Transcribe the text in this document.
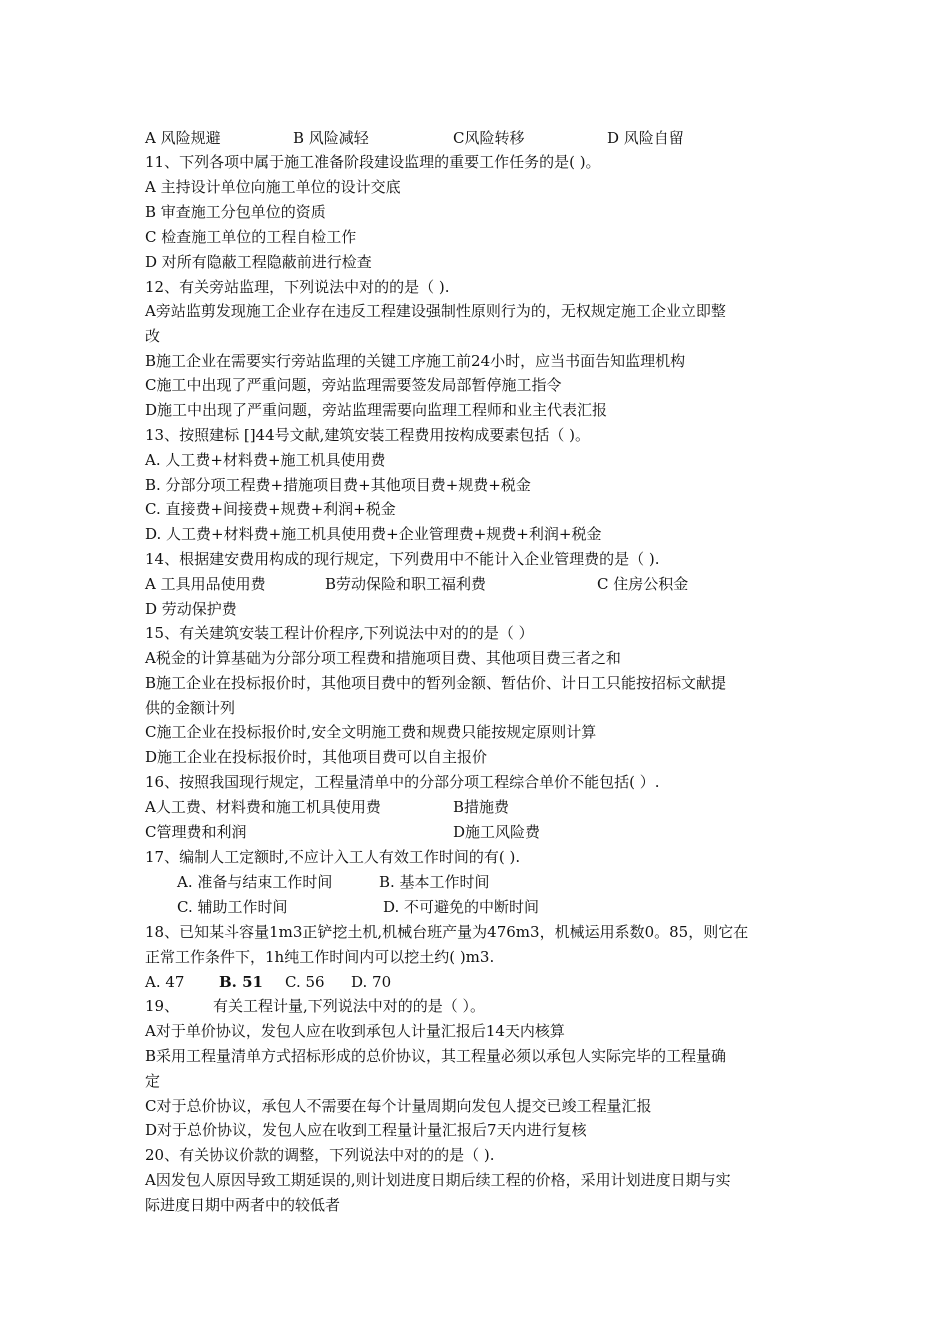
A 风险规避	B 风险减轻	C风险转移	D 风险自留
11、下列各项中属于施工准备阶段建设监理的重要工作任务的是( )。
A 主持设计单位向施工单位的设计交底
B 审查施工分包单位的资质
C 检查施工单位的工程自检工作
D 对所有隐蔽工程隐蔽前进行检查
12、有关旁站监理，下列说法中对的的是（ ).
A旁站监剪发现施工企业存在违反工程建设强制性原则行为的，无权规定施工企业立即整
改
B施工企业在需要实行旁站监理的关键工序施工前24小时，应当书面告知监理机构
C施工中出现了严重问题，旁站监理需要签发局部暂停施工指令
D施工中出现了严重问题，旁站监理需要向监理工程师和业主代表汇报
13、按照建标 []44号文献,建筑安装工程费用按构成要素包括（ )。
A. 人工费+材料费+施工机具使用费
B. 分部分项工程费+措施项目费+其他项目费+规费+税金
C. 直接费+间接费+规费+利润+税金
D. 人工费+材料费+施工机具使用费+企业管理费+规费+利润+税金
14、根据建安费用构成的现行规定，下列费用中不能计入企业管理费的是（ ).
A 工具用品使用费	B劳动保险和职工福利费	C 住房公积金
D 劳动保护费
15、有关建筑安装工程计价程序,下列说法中对的的是（ ）
A税金的计算基础为分部分项工程费和措施项目费、其他项目费三者之和
B施工企业在投标报价时，其他项目费中的暂列金额、暂估价、计日工只能按招标文献提
供的金额计列
C施工企业在投标报价时,安全文明施工费和规费只能按规定原则计算
D施工企业在投标报价时，其他项目费可以自主报价
16、按照我国现行规定，工程量清单中的分部分项工程综合单价不能包括( ）.
A人工费、材料费和施工机具使用费	B措施费
C管理费和利润	D施工风险费
17、编制人工定额时,不应计入工人有效工作时间的有( ).
A. 准备与结束工作时间	B. 基本工作时间
C. 辅助工作时间	D. 不可避免的中断时间
18、已知某斗容量1m3正铲挖土机,机械台班产量为476m3，机械运用系数0。85，则它在
正常工作条件下，1h纯工作时间内可以挖土约( )m3.
A. 47 B. 51 C. 56 D. 70
19、 有关工程计量,下列说法中对的的是（ ）。
A对于单价协议，发包人应在收到承包人计量汇报后14天内核算
B采用工程量清单方式招标形成的总价协议，其工程量必须以承包人实际完毕的工程量确
定
C对于总价协议，承包人不需要在每个计量周期向发包人提交已竣工程量汇报
D对于总价协议，发包人应在收到工程量计量汇报后7天内进行复核
20、有关协议价款的调整，下列说法中对的的是（ ).
A因发包人原因导致工期延误的,则计划进度日期后续工程的价格，采用计划进度日期与实
际进度日期中两者中的较低者
